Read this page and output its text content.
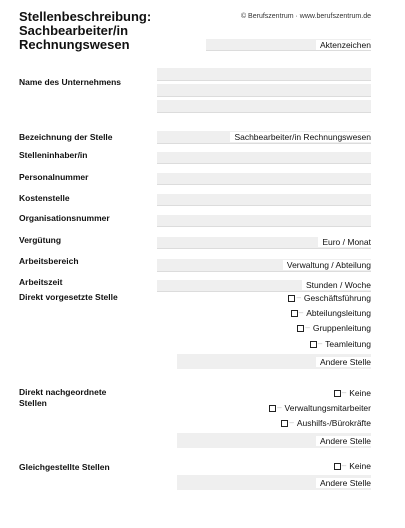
Stellenbeschreibung:
Sachbearbeiter/in
Rechnungswesen
© Berufszentrum · www.berufszentrum.de
Aktenzeichen
Name des Unternehmens
Bezeichnung der Stelle	Sachbearbeiter/in Rechnungswesen
Stelleninhaber/in
Personalnummer
Kostenstelle
Organisationsnummer
Vergütung	Euro / Monat
Arbeitsbereich	Verwaltung / Abteilung
Arbeitszeit	Stunden / Woche
Direkt vorgesetzte Stelle	– Geschäftsführung
– Abteilungsleitung
– Gruppenleitung
– Teamleitung
Andere Stelle
Direkt nachgeordnete
Stellen
– Keine
– Verwaltungsmitarbeiter
– Aushilfs-/Bürokräfte
Andere Stelle
Gleichgestellte Stellen	– Keine
Andere Stelle
